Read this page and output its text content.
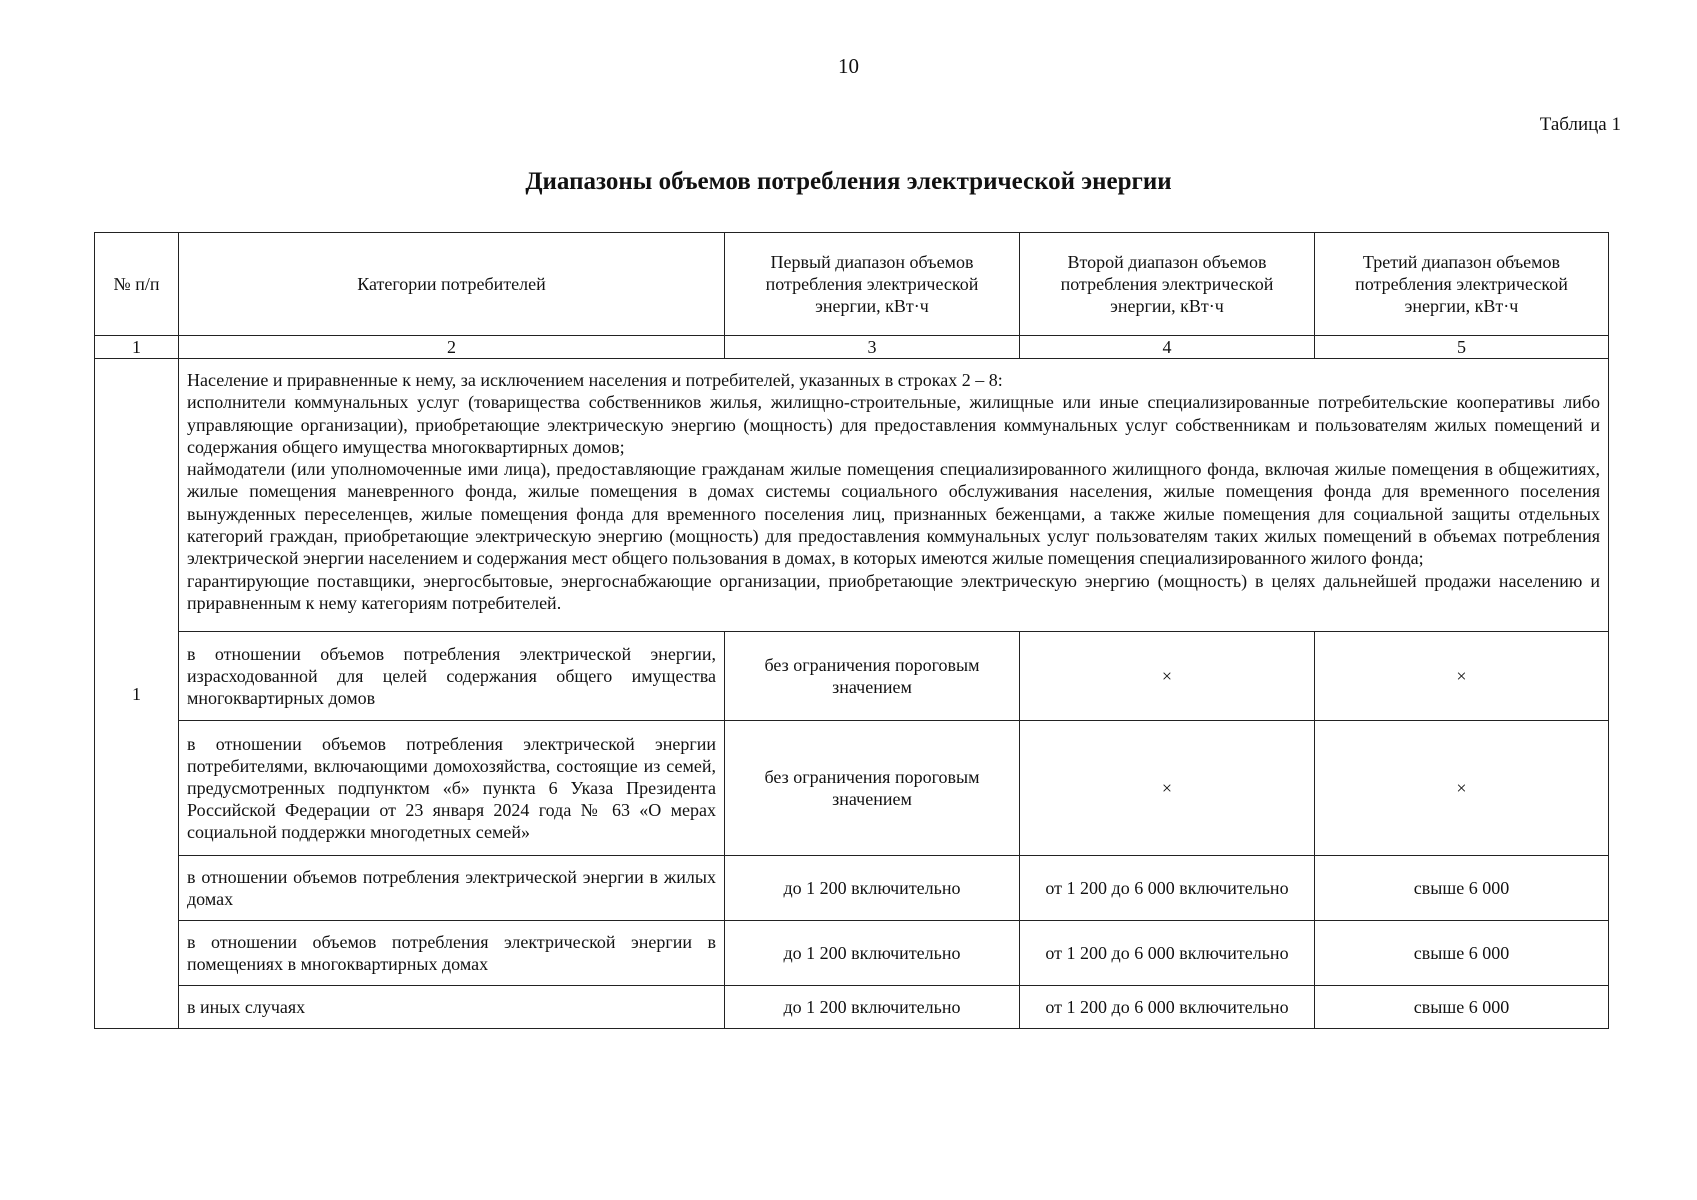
10
Таблица 1
Диапазоны объемов потребления электрической энергии
№ п/п	Категории потребителей	Первый диапазон объемов потребления электрической энергии, кВт·ч	Второй диапазон объемов потребления электрической энергии, кВт·ч	Третий диапазон объемов потребления электрической энергии, кВт·ч
1	2	3	4	5
1	Население и приравненные к нему, за исключением населения и потребителей, указанных в строках 2 – 8:
исполнители коммунальных услуг (товарищества собственников жилья, жилищно-строительные, жилищные или иные специализированные потребительские кооперативы либо управляющие организации), приобретающие электрическую энергию (мощность) для предоставления коммунальных услуг собственникам и пользователям жилых помещений и содержания общего имущества многоквартирных домов;
наймодатели (или уполномоченные ими лица), предоставляющие гражданам жилые помещения специализированного жилищного фонда, включая жилые помещения в общежитиях, жилые помещения маневренного фонда, жилые помещения в домах системы социального обслуживания населения, жилые помещения фонда для временного поселения вынужденных переселенцев, жилые помещения фонда для временного поселения лиц, признанных беженцами, а также жилые помещения для социальной защиты отдельных категорий граждан, приобретающие электрическую энергию (мощность) для предоставления коммунальных услуг пользователям таких жилых помещений в объемах потребления электрической энергии населением и содержания мест общего пользования в домах, в которых имеются жилые помещения специализированного жилого фонда;
гарантирующие поставщики, энергосбытовые, энергоснабжающие организации, приобретающие электрическую энергию (мощность) в целях дальнейшей продажи населению и приравненным к нему категориям потребителей.			

	в отношении объемов потребления электрической энергии, израсходованной для целей содержания общего имущества многоквартирных домов	без ограничения пороговым значением	×	×
	в отношении объемов потребления электрической энергии потребителями, включающими домохозяйства, состоящие из семей, предусмотренных подпунктом «б» пункта 6 Указа Президента Российской Федерации от 23 января 2024 года № 63 «О мерах социальной поддержки многодетных семей»	без ограничения пороговым значением	×	×
	в отношении объемов потребления электрической энергии в жилых домах	до 1 200 включительно	от 1 200 до 6 000 включительно	свыше 6 000
	в отношении объемов потребления электрической энергии в помещениях в многоквартирных домах	до 1 200 включительно	от 1 200 до 6 000 включительно	свыше 6 000
	в иных случаях	до 1 200 включительно	от 1 200 до 6 000 включительно	свыше 6 000
